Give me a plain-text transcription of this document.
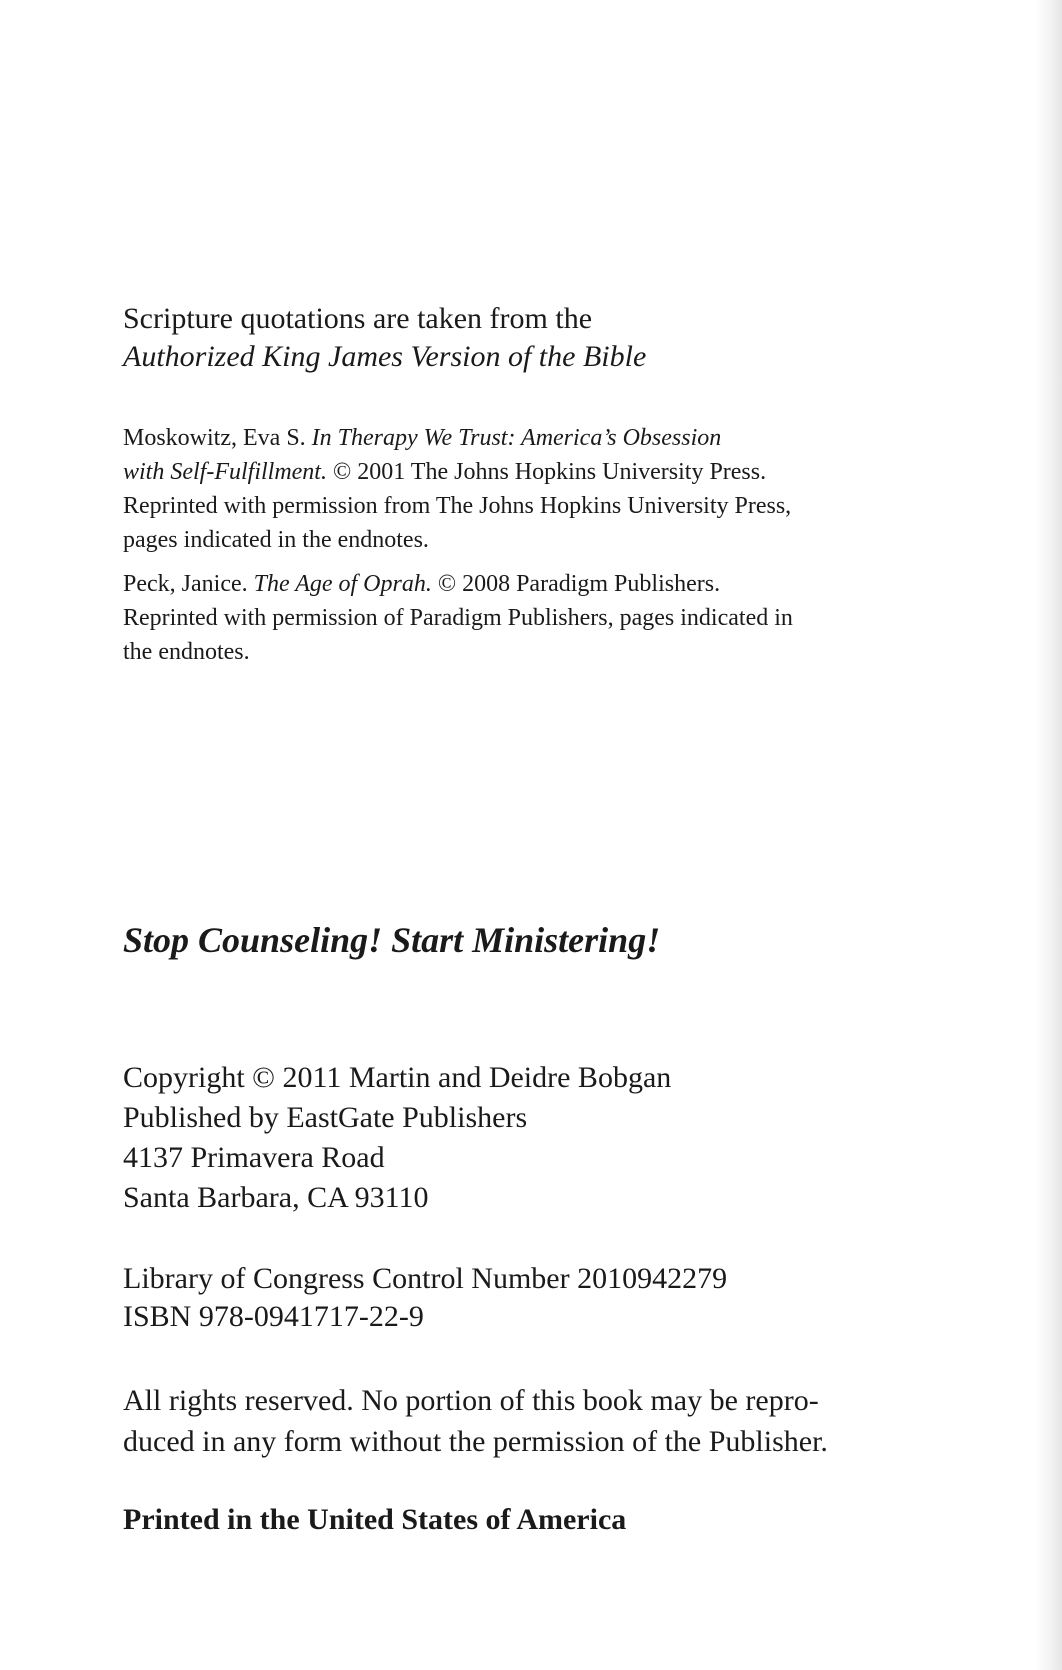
Scripture quotations are taken from the
Authorized King James Version of the Bible
Moskowitz, Eva S. In Therapy We Trust: America’s Obsession
with Self-Fulfillment. © 2001 The Johns Hopkins University Press.
Reprinted with permission from The Johns Hopkins University Press,
pages indicated in the endnotes.
Peck, Janice. The Age of Oprah. © 2008 Paradigm Publishers.
Reprinted with permission of Paradigm Publishers, pages indicated in
the endnotes.
Stop Counseling! Start Ministering!
Copyright © 2011 Martin and Deidre Bobgan
Published by EastGate Publishers
4137 Primavera Road
Santa Barbara, CA 93110
Library of Congress Control Number 2010942279
ISBN 978-0941717-22-9
All rights reserved. No portion of this book may be repro-
duced in any form without the permission of the Publisher.
Printed in the United States of America
